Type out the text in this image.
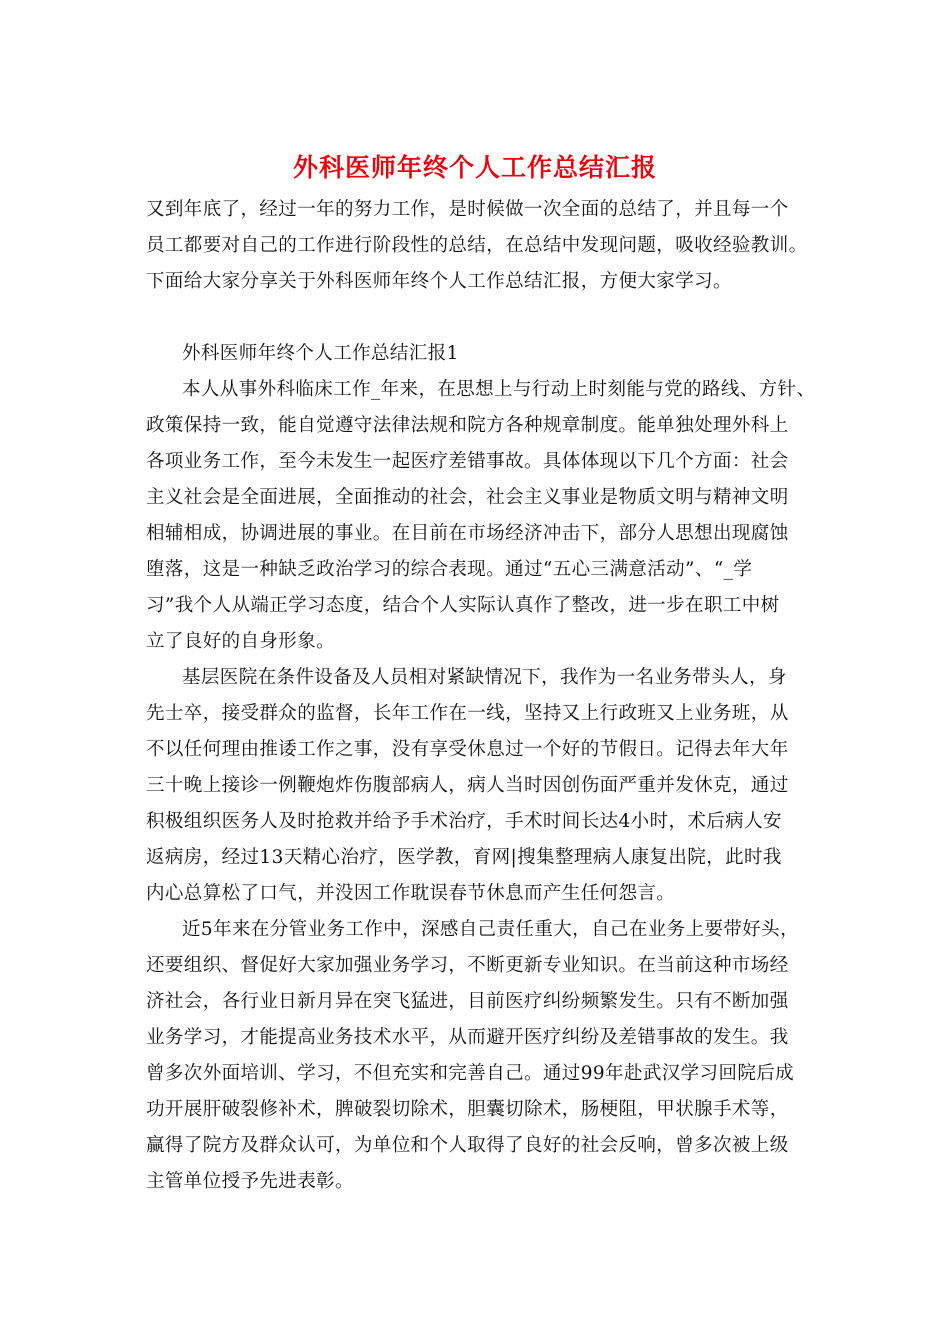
外科医师年终个人工作总结汇报
又到年底了，经过一年的努力工作，是时候做一次全面的总结了，并且每一个
员工都要对自己的工作进行阶段性的总结，在总结中发现问题，吸收经验教训。
下面给大家分享关于外科医师年终个人工作总结汇报，方便大家学习。
外科医师年终个人工作总结汇报1
本人从事外科临床工作_年来，在思想上与行动上时刻能与党的路线、方针、
政策保持一致，能自觉遵守法律法规和院方各种规章制度。能单独处理外科上
各项业务工作，至今未发生一起医疗差错事故。具体体现以下几个方面：社会
主义社会是全面进展，全面推动的社会，社会主义事业是物质文明与精神文明
相辅相成，协调进展的事业。在目前在市场经济冲击下，部分人思想出现腐蚀
堕落，这是一种缺乏政治学习的综合表现。通过“五心三满意活动”、“_学
习”我个人从端正学习态度，结合个人实际认真作了整改，进一步在职工中树
立了良好的自身形象。
基层医院在条件设备及人员相对紧缺情况下，我作为一名业务带头人，身
先士卒，接受群众的监督，长年工作在一线，坚持又上行政班又上业务班，从
不以任何理由推诿工作之事，没有享受休息过一个好的节假日。记得去年大年
三十晚上接诊一例鞭炮炸伤腹部病人，病人当时因创伤面严重并发休克，通过
积极组织医务人及时抢救并给予手术治疗，手术时间长达4小时，术后病人安
返病房，经过13天精心治疗，医学教，育网|搜集整理病人康复出院，此时我
内心总算松了口气，并没因工作耽误春节休息而产生任何怨言。
近5年来在分管业务工作中，深感自己责任重大，自己在业务上要带好头，
还要组织、督促好大家加强业务学习，不断更新专业知识。在当前这种市场经
济社会，各行业日新月异在突飞猛进，目前医疗纠纷频繁发生。只有不断加强
业务学习，才能提高业务技术水平，从而避开医疗纠纷及差错事故的发生。我
曾多次外面培训、学习，不但充实和完善自己。通过99年赴武汉学习回院后成
功开展肝破裂修补术，脾破裂切除术，胆囊切除术，肠梗阻，甲状腺手术等，
赢得了院方及群众认可，为单位和个人取得了良好的社会反响，曾多次被上级
主管单位授予先进表彰。
